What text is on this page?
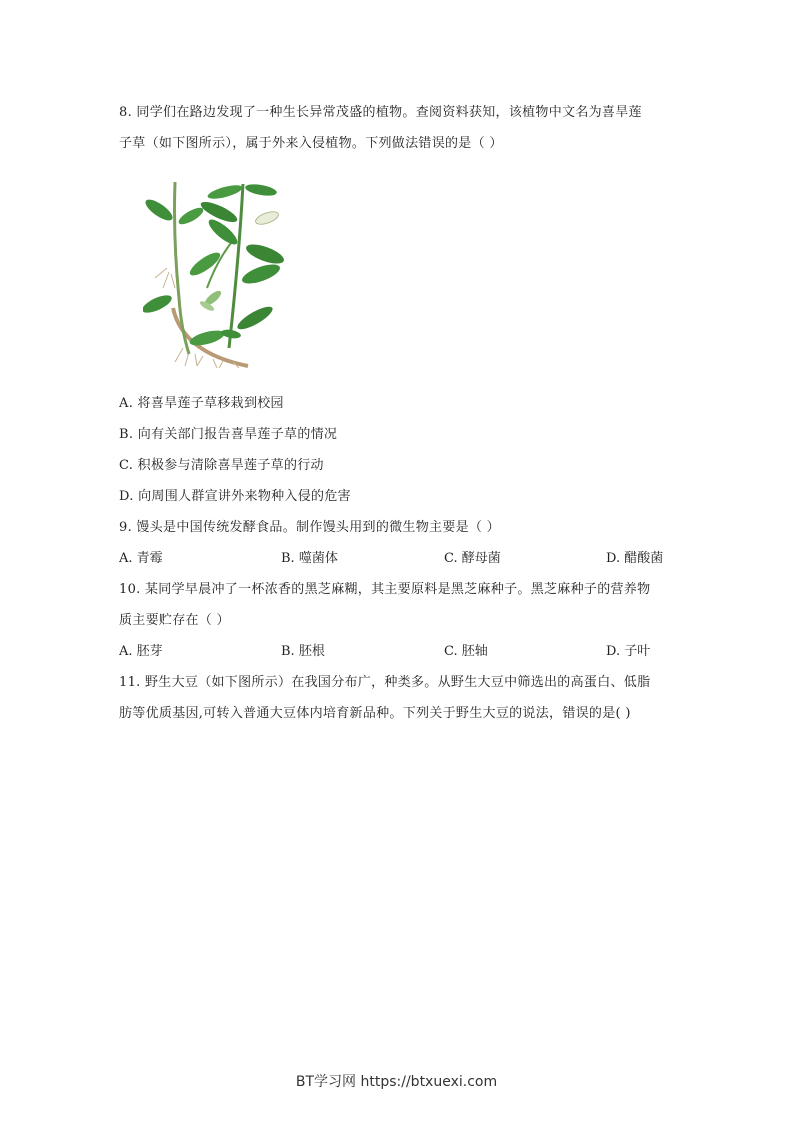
8. 同学们在路边发现了一种生长异常茂盛的植物。查阅资料获知，该植物中文名为喜旱莲
子草（如下图所示），属于外来入侵植物。下列做法错误的是（ ）
A. 将喜旱莲子草移栽到校园
B. 向有关部门报告喜旱莲子草的情况
C. 积极参与清除喜旱莲子草的行动
D. 向周围人群宣讲外来物种入侵的危害
9. 馒头是中国传统发酵食品。制作馒头用到的微生物主要是（ ）
A. 青霉	B. 噬菌体	C. 酵母菌	D. 醋酸菌
10. 某同学早晨冲了一杯浓香的黑芝麻糊，其主要原料是黑芝麻种子。黑芝麻种子的营养物
质主要贮存在（ ）
A. 胚芽	B. 胚根	C. 胚轴	D. 子叶
11. 野生大豆（如下图所示）在我国分布广，种类多。从野生大豆中筛选出的高蛋白、低脂
肪等优质基因,可转入普通大豆体内培育新品种。下列关于野生大豆的说法，错误的是( )
BT学习网 https://btxuexi.com
